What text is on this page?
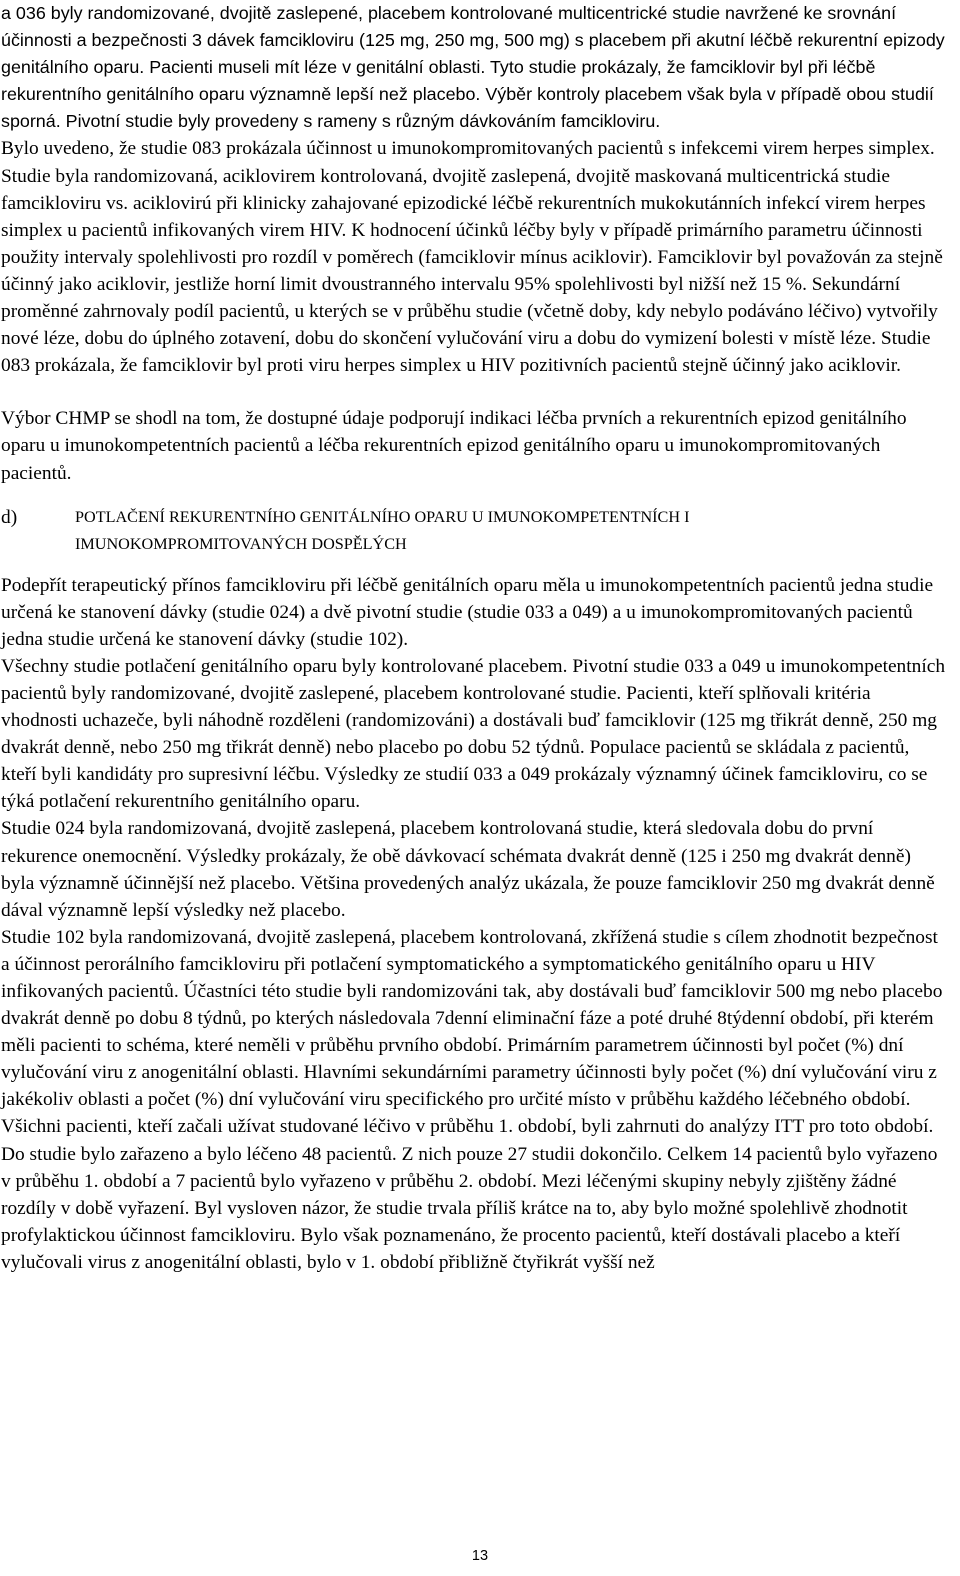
a 036 byly randomizované, dvojitě zaslepené, placebem kontrolované multicentrické studie navržené ke srovnání účinnosti a bezpečnosti 3 dávek famcikloviru (125 mg, 250 mg, 500 mg) s placebem při akutní léčbě rekurentní epizody genitálního oparu. Pacienti museli mít léze v genitální oblasti. Tyto studie prokázaly, že famciklovir byl při léčbě rekurentního genitálního oparu významně lepší než placebo. Výběr kontroly placebem však byla v případě obou studií sporná. Pivotní studie byly provedeny s rameny s různým dávkováním famcikloviru.

Bylo uvedeno, že studie 083 prokázala účinnost u imunokompromitovaných pacientů s infekcemi virem herpes simplex. Studie byla randomizovaná, aciklovirem kontrolovaná, dvojitě zaslepená, dvojitě maskovaná multicentrická studie famcikloviru vs. aciklovirú při klinicky zahajované epizodické léčbě rekurentních mukokutánních infekcí virem herpes simplex u pacientů infikovaných virem HIV. K hodnocení účinků léčby byly v případě primárního parametru účinnosti použity intervaly spolehlivosti pro rozdíl v poměrech (famciklovir mínus aciklovir). Famciklovir byl považován za stejně účinný jako aciklovir, jestliže horní limit dvoustranného intervalu 95% spolehlivosti byl nižší než 15 %. Sekundární proměnné zahrnovaly podíl pacientů, u kterých se v průběhu studie (včetně doby, kdy nebylo podáváno léčivo) vytvořily nové léze, dobu do úplného zotavení, dobu do skončení vylučování viru a dobu do vymizení bolesti v místě léze. Studie 083 prokázala, že famciklovir byl proti viru herpes simplex u HIV pozitivních pacientů stejně účinný jako aciklovir.

Výbor CHMP se shodl na tom, že dostupné údaje podporují indikaci léčba prvních a rekurentních epizod genitálního oparu u imunokompetentních pacientů a léčba rekurentních epizod genitálního oparu u imunokompromitovaných pacientů.

d)	POTLAČENÍ REKURENTNÍHO GENITÁLNÍHO OPARU U IMUNOKOMPETENTNÍCH I
IMUNOKOMPROMITOVANÝCH DOSPĚLÝCH

Podepřít terapeutický přínos famcikloviru při léčbě genitálních oparu měla u imunokompetentních pacientů jedna studie určená ke stanovení dávky (studie 024) a dvě pivotní studie (studie 033 a 049) a u imunokompromitovaných pacientů jedna studie určená ke stanovení dávky (studie 102).

Všechny studie potlačení genitálního oparu byly kontrolované placebem. Pivotní studie 033 a 049 u imunokompetentních pacientů byly randomizované, dvojitě zaslepené, placebem kontrolované studie. Pacienti, kteří splňovali kritéria vhodnosti uchazeče, byli náhodně rozděleni (randomizováni) a dostávali buď famciklovir (125 mg třikrát denně, 250 mg dvakrát denně, nebo 250 mg třikrát denně) nebo placebo po dobu 52 týdnů. Populace pacientů se skládala z pacientů, kteří byli kandidáty pro supresivní léčbu. Výsledky ze studií 033 a 049 prokázaly významný účinek famcikloviru, co se týká potlačení rekurentního genitálního oparu.

Studie 024 byla randomizovaná, dvojitě zaslepená, placebem kontrolovaná studie, která sledovala dobu do první rekurence onemocnění. Výsledky prokázaly, že obě dávkovací schémata dvakrát denně (125 i 250 mg dvakrát denně) byla významně účinnější než placebo. Většina provedených analýz ukázala, že pouze famciklovir 250 mg dvakrát denně dával významně lepší výsledky než placebo.

Studie 102 byla randomizovaná, dvojitě zaslepená, placebem kontrolovaná, zkřížená studie s cílem zhodnotit bezpečnost a účinnost perorálního famcikloviru při potlačení symptomatického a symptomatického genitálního oparu u HIV infikovaných pacientů. Účastníci této studie byli randomizováni tak, aby dostávali buď famciklovir 500 mg nebo placebo dvakrát denně po dobu 8 týdnů, po kterých následovala 7denní eliminační fáze a poté druhé 8týdenní období, při kterém měli pacienti to schéma, které neměli v průběhu prvního období. Primárním parametrem účinnosti byl počet (%) dní vylučování viru z anogenitální oblasti. Hlavními sekundárními parametry účinnosti byly počet (%) dní vylučování viru z jakékoliv oblasti a počet (%) dní vylučování viru specifického pro určité místo v průběhu každého léčebného období.

Všichni pacienti, kteří začali užívat studované léčivo v průběhu 1. období, byli zahrnuti do analýzy ITT pro toto období. Do studie bylo zařazeno a bylo léčeno 48 pacientů. Z nich pouze 27 studii dokončilo. Celkem 14 pacientů bylo vyřazeno v průběhu 1. období a 7 pacientů bylo vyřazeno v průběhu 2. období. Mezi léčenými skupiny nebyly zjištěny žádné rozdíly v době vyřazení. Byl vysloven názor, že studie trvala příliš krátce na to, aby bylo možné spolehlivě zhodnotit profylaktickou účinnost famcikloviru. Bylo však poznamenáno, že procento pacientů, kteří dostávali placebo a kteří vylučovali virus z anogenitální oblasti, bylo v 1. období přibližně čtyřikrát vyšší než

13
